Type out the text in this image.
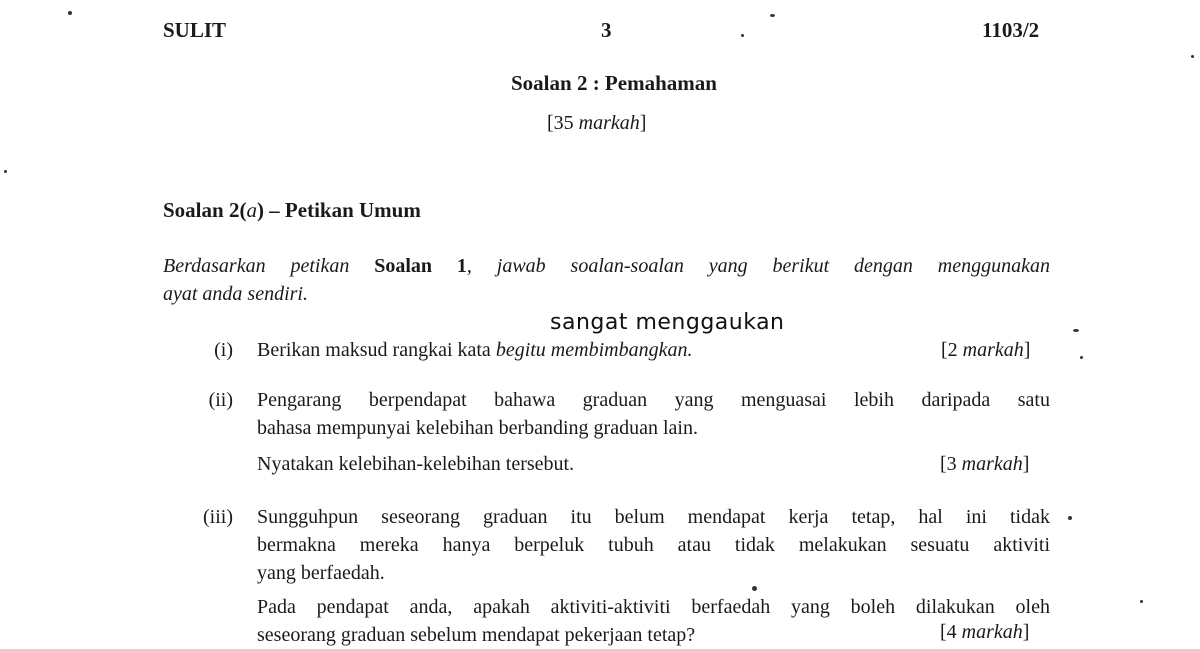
SULIT	3	1103/2
Soalan 2 : Pemahaman
[35 markah]
Soalan 2(a) – Petikan Umum
Berdasarkan petikan Soalan 1, jawab soalan-soalan yang berikut dengan menggunakan
ayat anda sendiri.
sangat menggaukan
(i) Berikan maksud rangkai kata begitu membimbangkan.	[2 markah]
(ii) Pengarang berpendapat bahawa graduan yang menguasai lebih daripada satu
bahasa mempunyai kelebihan berbanding graduan lain.
Nyatakan kelebihan-kelebihan tersebut.	[3 markah]
(iii) Sungguhpun seseorang graduan itu belum mendapat kerja tetap, hal ini tidak
bermakna mereka hanya berpeluk tubuh atau tidak melakukan sesuatu aktiviti
yang berfaedah.
Pada pendapat anda, apakah aktiviti-aktiviti berfaedah yang boleh dilakukan oleh
seseorang graduan sebelum mendapat pekerjaan tetap?	[4 markah]
